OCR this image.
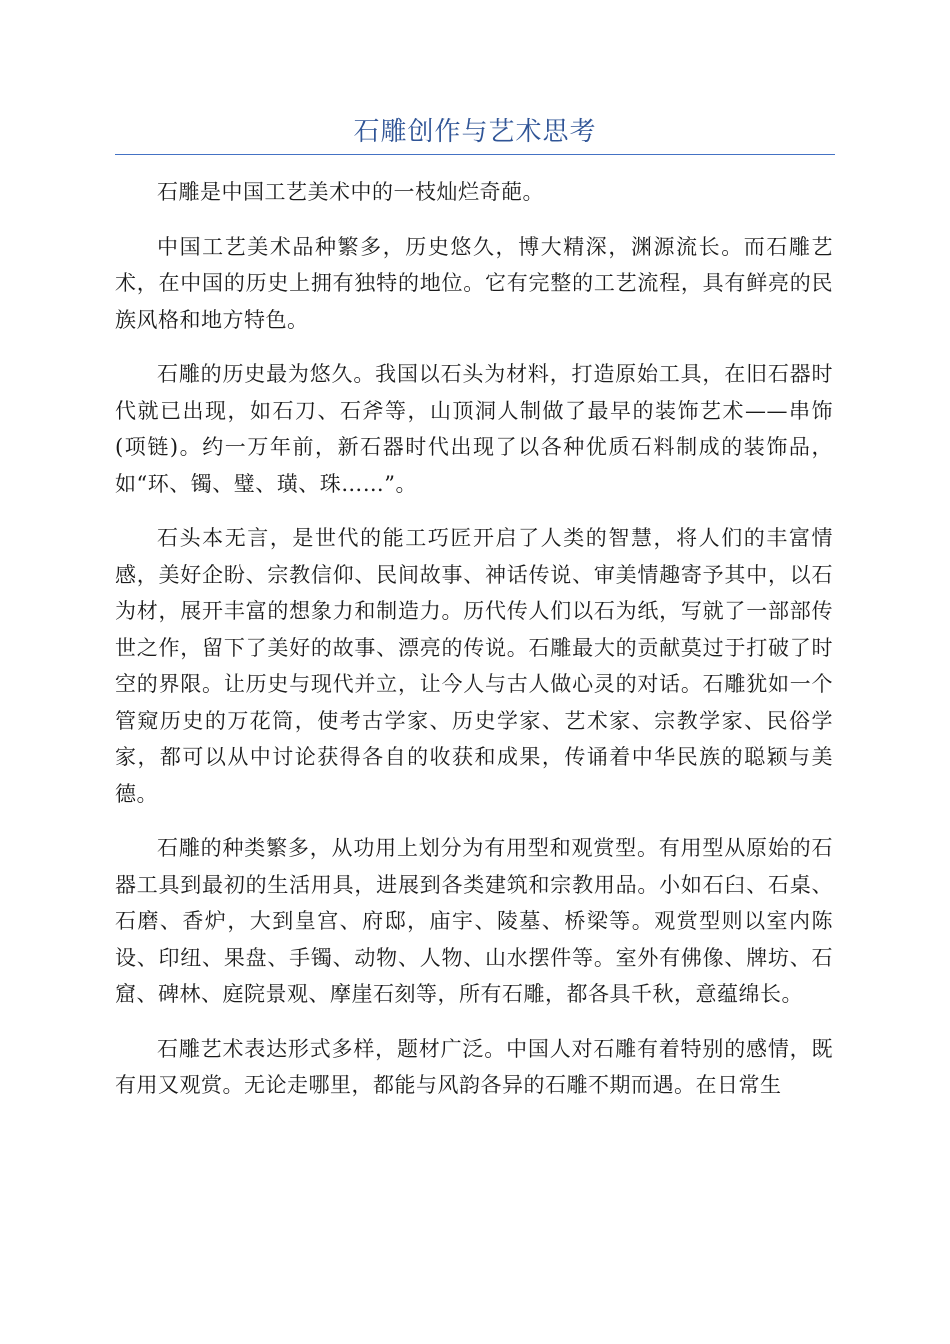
石雕创作与艺术思考

石雕是中国工艺美术中的一枝灿烂奇葩。

中国工艺美术品种繁多，历史悠久，博大精深，渊源流长。而石雕艺术，在中国的历史上拥有独特的地位。它有完整的工艺流程，具有鲜亮的民族风格和地方特色。

石雕的历史最为悠久。我国以石头为材料，打造原始工具，在旧石器时代就已出现，如石刀、石斧等，山顶洞人制做了最早的装饰艺术——串饰(项链)。约一万年前，新石器时代出现了以各种优质石料制成的装饰品，如“环、镯、璧、璜、珠……”。

石头本无言，是世代的能工巧匠开启了人类的智慧，将人们的丰富情感，美好企盼、宗教信仰、民间故事、神话传说、审美情趣寄予其中，以石为材，展开丰富的想象力和制造力。历代传人们以石为纸，写就了一部部传世之作，留下了美好的故事、漂亮的传说。石雕最大的贡献莫过于打破了时空的界限。让历史与现代并立，让今人与古人做心灵的对话。石雕犹如一个管窥历史的万花筒，使考古学家、历史学家、艺术家、宗教学家、民俗学家，都可以从中讨论获得各自的收获和成果，传诵着中华民族的聪颖与美德。

石雕的种类繁多，从功用上划分为有用型和观赏型。有用型从原始的石器工具到最初的生活用具，进展到各类建筑和宗教用品。小如石臼、石桌、石磨、香炉，大到皇宫、府邸，庙宇、陵墓、桥梁等。观赏型则以室内陈设、印纽、果盘、手镯、动物、人物、山水摆件等。室外有佛像、牌坊、石窟、碑林、庭院景观、摩崖石刻等，所有石雕，都各具千秋，意蕴绵长。

石雕艺术表达形式多样，题材广泛。中国人对石雕有着特别的感情，既有用又观赏。无论走哪里，都能与风韵各异的石雕不期而遇。在日常生
